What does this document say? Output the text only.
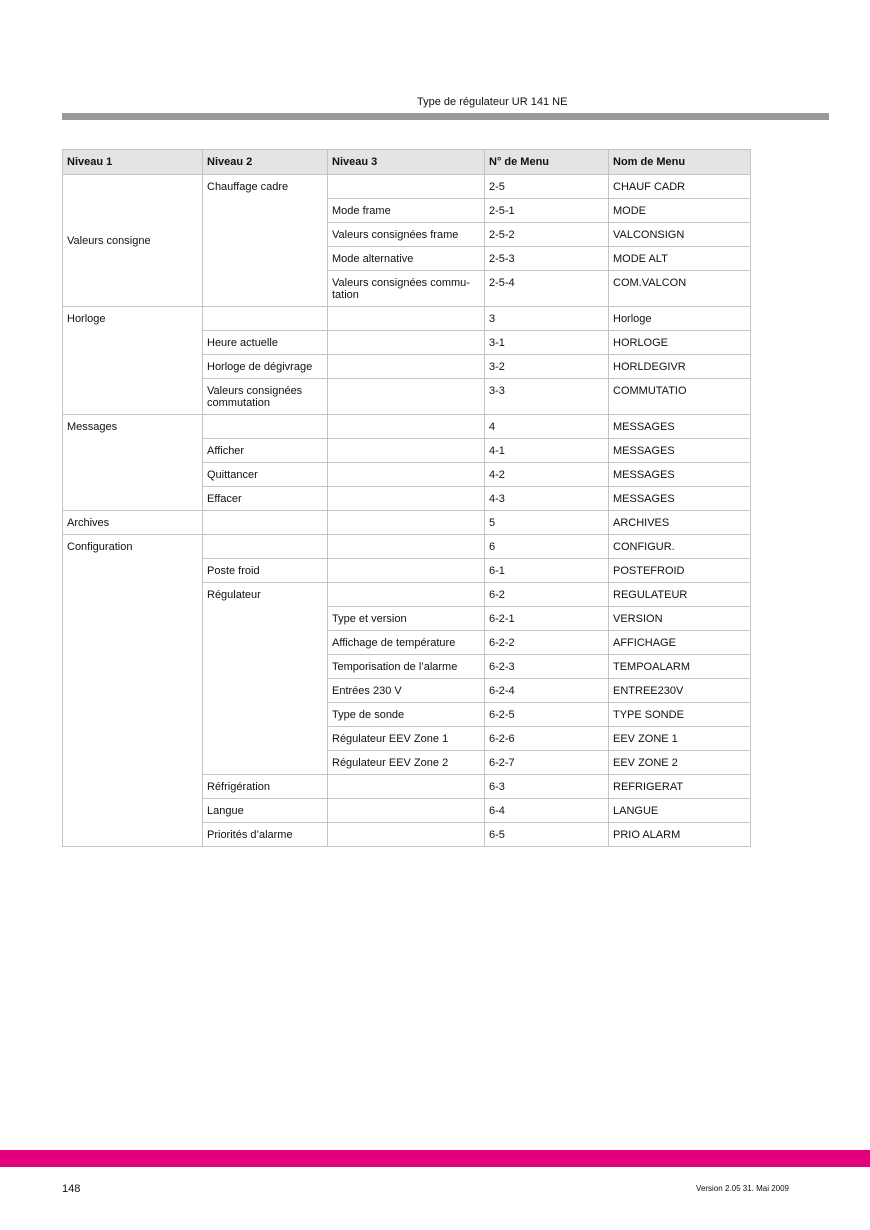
Type de régulateur UR 141 NE
Niveau 1	Niveau 2	Niveau 3	N° de Menu	Nom de Menu
Valeurs consigne	Chauffage cadre		2-5	CHAUF CADR
		Mode frame	2-5-1	MODE
		Valeurs consignées frame	2-5-2	VALCONSIGN
		Mode alternative	2-5-3	MODE ALT
		Valeurs consignées commu-tation	2-5-4	COM.VALCON
Horloge			3	Horloge
	Heure actuelle		3-1	HORLOGE
	Horloge de dégivrage		3-2	HORLDEGIVR
	Valeurs consignées commutation		3-3	COMMUTATIO
Messages			4	MESSAGES
	Afficher		4-1	MESSAGES
	Quittancer		4-2	MESSAGES
	Effacer		4-3	MESSAGES
Archives			5	ARCHIVES
Configuration			6	CONFIGUR.
	Poste froid		6-1	POSTEFROID
	Régulateur		6-2	REGULATEUR
		Type et version	6-2-1	VERSION
		Affichage de température	6-2-2	AFFICHAGE
		Temporisation de l’alarme	6-2-3	TEMPOALARM
		Entrées 230 V	6-2-4	ENTREE230V
		Type de sonde	6-2-5	TYPE SONDE
		Régulateur EEV Zone 1	6-2-6	EEV ZONE 1
		Régulateur EEV Zone 2	6-2-7	EEV ZONE 2
	Réfrigération		6-3	REFRIGERAT
	Langue		6-4	LANGUE
	Priorités d’alarme		6-5	PRIO ALARM
148	Version 2.05 31. Mai 2009
